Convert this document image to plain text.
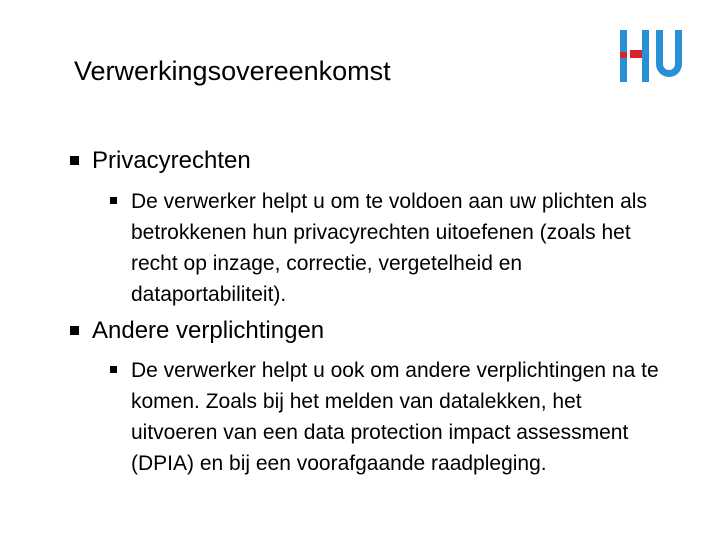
Verwerkingsovereenkomst
Privacyrechten
De verwerker helpt u om te voldoen aan uw plichten als betrokkenen hun privacyrechten uitoefenen (zoals het recht op inzage, correctie, vergetelheid en dataportabiliteit).
Andere verplichtingen
De verwerker helpt u ook om andere verplichtingen na te komen. Zoals bij het melden van datalekken, het uitvoeren van een data protection impact assessment (DPIA) en bij een voorafgaande raadpleging.
